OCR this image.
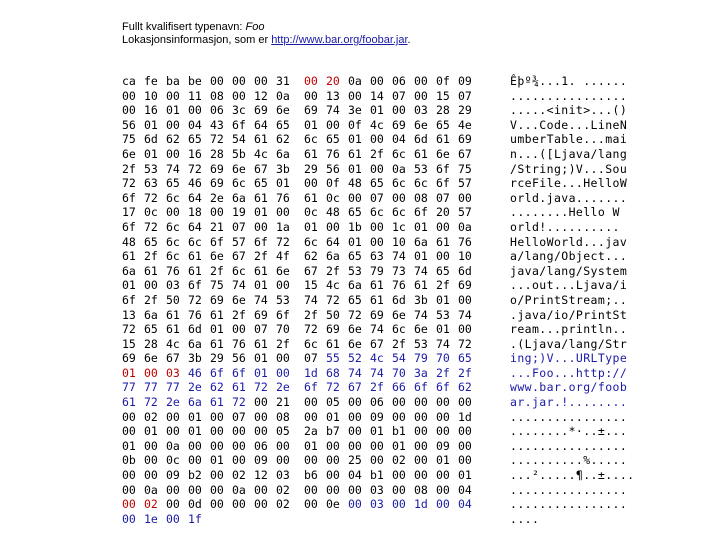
Fullt kvalifisert typenavn: Foo
Lokasjonsinformasjon, som er http://www.bar.org/foobar.jar.
ca fe ba be 00 00 00 31	00 20 0a 00 06 00 0f 09	Êþº¾...1. ......
00 10 00 11 08 00 12 0a	00 13 00 14 07 00 15 07	................
00 16 01 00 06 3c 69 6e	69 74 3e 01 00 03 28 29	.....<init>...()
56 01 00 04 43 6f 64 65	01 00 0f 4c 69 6e 65 4e	V...Code...LineN
75 6d 62 65 72 54 61 62	6c 65 01 00 04 6d 61 69	umberTable...mai
6e 01 00 16 28 5b 4c 6a	61 76 61 2f 6c 61 6e 67	n...([Ljava/lang
2f 53 74 72 69 6e 67 3b	29 56 01 00 0a 53 6f 75	/String;)V...Sou
72 63 65 46 69 6c 65 01	00 0f 48 65 6c 6c 6f 57	rceFile...HelloW
6f 72 6c 64 2e 6a 61 76	61 0c 00 07 00 08 07 00	orld.java.......
17 0c 00 18 00 19 01 00	0c 48 65 6c 6c 6f 20 57	........Hello W
6f 72 6c 64 21 07 00 1a	01 00 1b 00 1c 01 00 0a	orld!..........
48 65 6c 6c 6f 57 6f 72	6c 64 01 00 10 6a 61 76	HelloWorld...jav
61 2f 6c 61 6e 67 2f 4f	62 6a 65 63 74 01 00 10	a/lang/Object...
6a 61 76 61 2f 6c 61 6e	67 2f 53 79 73 74 65 6d	java/lang/System
01 00 03 6f 75 74 01 00	15 4c 6a 61 76 61 2f 69	...out...Ljava/i
6f 2f 50 72 69 6e 74 53	74 72 65 61 6d 3b 01 00	o/PrintStream;..
13 6a 61 76 61 2f 69 6f	2f 50 72 69 6e 74 53 74	.java/io/PrintSt
72 65 61 6d 01 00 07 70	72 69 6e 74 6c 6e 01 00	ream...println..
15 28 4c 6a 61 76 61 2f	6c 61 6e 67 2f 53 74 72	.(Ljava/lang/Str
69 6e 67 3b 29 56 01 00	07 55 52 4c 54 79 70 65	ing;)V...URLType
01 00 03 46 6f 6f 01 00	1d 68 74 74 70 3a 2f 2f	...Foo...http://
77 77 77 2e 62 61 72 2e	6f 72 67 2f 66 6f 6f 62	www.bar.org/foob
61 72 2e 6a 61 72 00 21	00 05 00 06 00 00 00 00	ar.jar.!........
00 02 00 01 00 07 00 08	00 01 00 09 00 00 00 1d	................
00 01 00 01 00 00 00 05	2a b7 00 01 b1 00 00 00	........*·..±...
01 00 0a 00 00 00 06 00	01 00 00 00 01 00 09 00	................
0b 00 0c 00 01 00 09 00	00 00 25 00 02 00 01 00	..........%.....
00 00 09 b2 00 02 12 03	b6 00 04 b1 00 00 00 01	...².....¶..±....
00 0a 00 00 00 0a 00 02	00 00 00 03 00 08 00 04	................
00 02 00 0d 00 00 00 02	00 0e 00 03 00 1d 00 04	................
00 1e 00 1f	....
